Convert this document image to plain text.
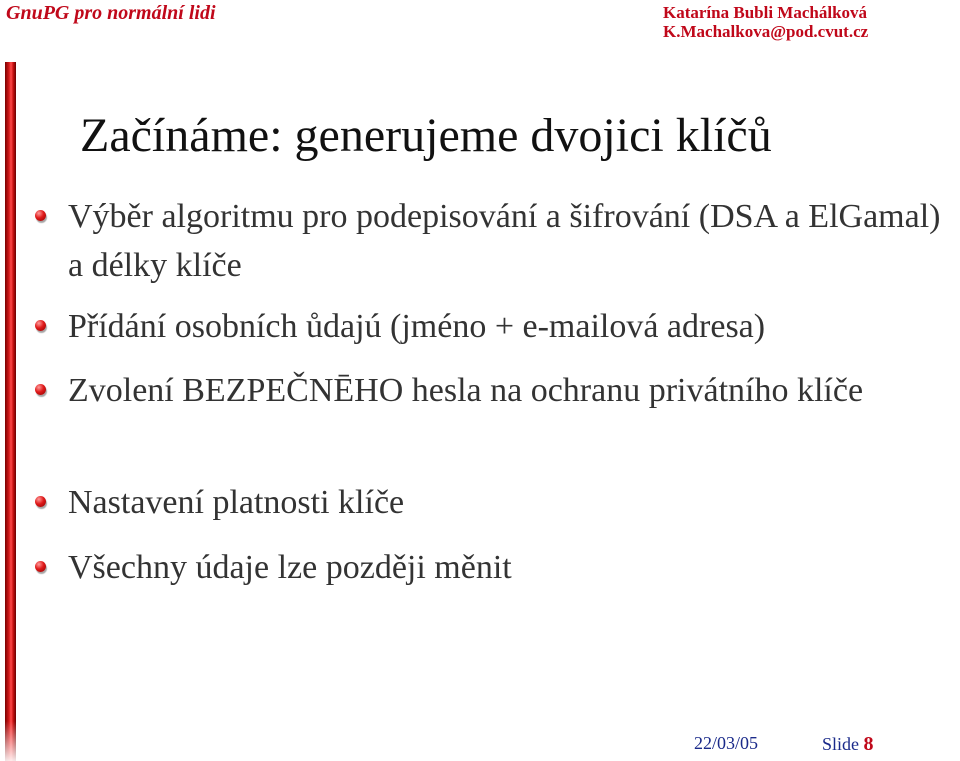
GnuPG pro normální lidi	Katarína Bubli Machálková
K.Machalkova@pod.cvut.cz
Začínáme: generujeme dvojici klíčů
Výběr algoritmu pro podepisování a šifrování (DSA a ElGamal) a délky klíče
Přídání osobních ůdajú (jméno + e-mailová adresa)
Zvolení BEZPEČNĒHO hesla na ochranu privátního klíče
Nastavení platnosti klíče
Všechny údaje lze později měnit
22/03/05	Slide 8
